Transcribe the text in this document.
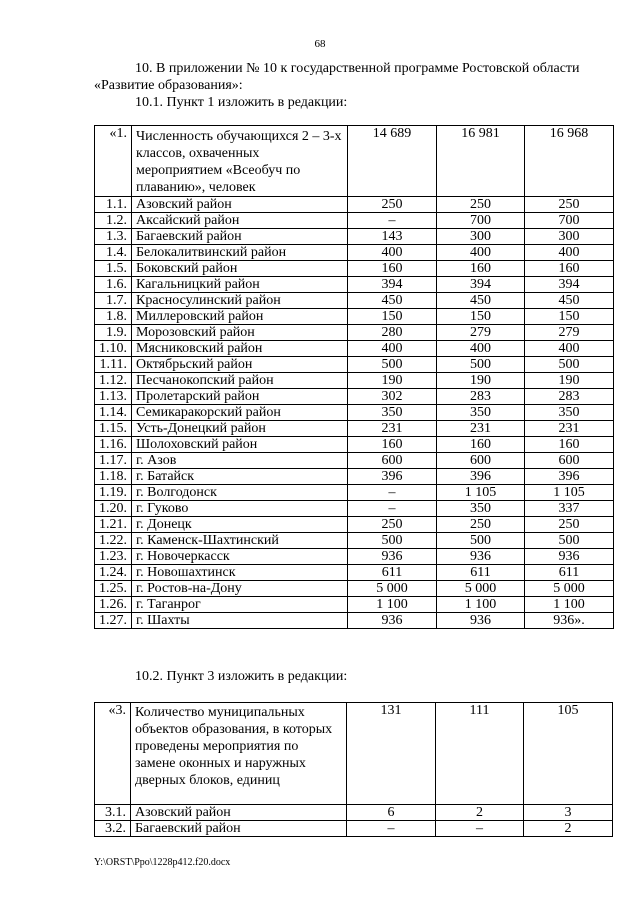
68
10. В приложении № 10 к государственной программе Ростовской области
«Развитие образования»:
10.1. Пункт 1 изложить в редакции:
«1.	Численность обучающихся 2 – 3-х классов, охваченных мероприятием «Всеобуч по плаванию», человек	14 689	16 981	16 968
1.1.	Азовский район	250	250	250
1.2.	Аксайский район	–	700	700
1.3.	Багаевский район	143	300	300
1.4.	Белокалитвинский район	400	400	400
1.5.	Боковский район	160	160	160
1.6.	Кагальницкий район	394	394	394
1.7.	Красносулинский район	450	450	450
1.8.	Миллеровский район	150	150	150
1.9.	Морозовский район	280	279	279
1.10.	Мясниковский район	400	400	400
1.11.	Октябрьский район	500	500	500
1.12.	Песчанокопский район	190	190	190
1.13.	Пролетарский район	302	283	283
1.14.	Семикаракорский район	350	350	350
1.15.	Усть-Донецкий район	231	231	231
1.16.	Шолоховский район	160	160	160
1.17.	г. Азов	600	600	600
1.18.	г. Батайск	396	396	396
1.19.	г. Волгодонск	–	1 105	1 105
1.20.	г. Гуково	–	350	337
1.21.	г. Донецк	250	250	250
1.22.	г. Каменск-Шахтинский	500	500	500
1.23.	г. Новочеркасск	936	936	936
1.24.	г. Новошахтинск	611	611	611
1.25.	г. Ростов-на-Дону	5 000	5 000	5 000
1.26.	г. Таганрог	1 100	1 100	1 100
1.27.	г. Шахты	936	936	936».
10.2. Пункт 3 изложить в редакции:
«3.	Количество муниципальных объектов образования, в которых проведены мероприятия по замене оконных и наружных дверных блоков, единиц	131	111	105
3.1.	Азовский район	6	2	3
3.2.	Багаевский район	–	–	2
Y:\ORST\Ppo\1228p412.f20.docx
